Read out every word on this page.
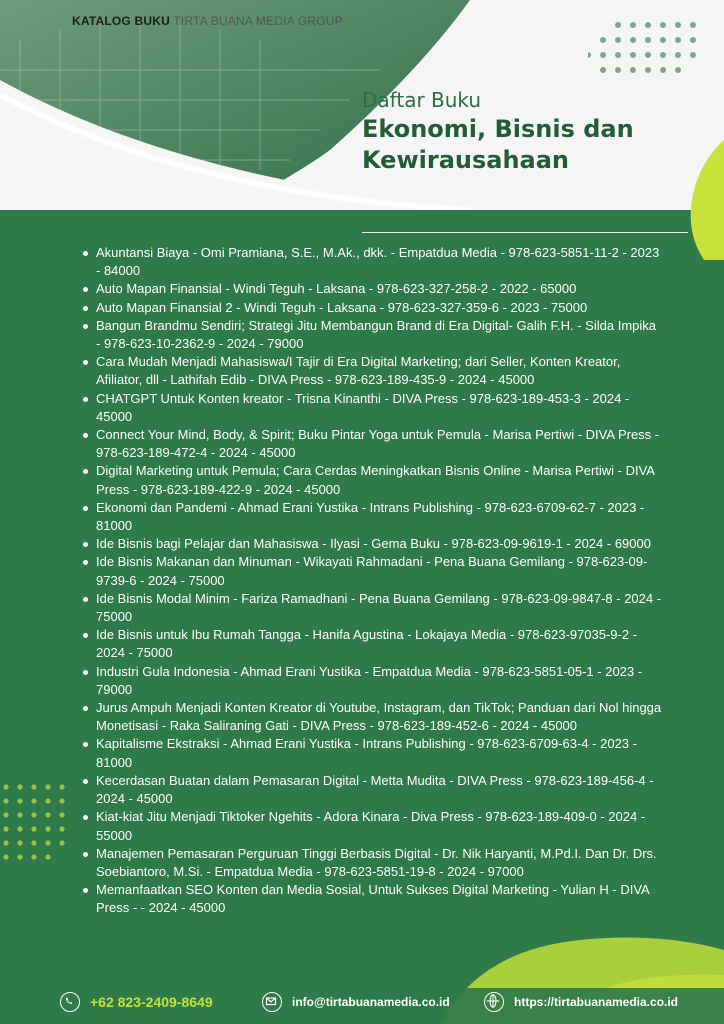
KATALOG BUKU TIRTA BUANA MEDIA GROUP
Daftar Buku
Ekonomi, Bisnis dan Kewirausahaan
Akuntansi Biaya - Omi Pramiana, S.E., M.Ak., dkk. - Empatdua Media - 978-623-5851-11-2 - 2023 - 84000
Auto Mapan Finansial - Windi Teguh - Laksana - 978-623-327-258-2 - 2022 - 65000
Auto Mapan Finansial 2 - Windi Teguh - Laksana - 978-623-327-359-6 - 2023 - 75000
Bangun Brandmu Sendiri; Strategi Jitu Membangun Brand di Era Digital- Galih F.H. - Silda Impika - 978-623-10-2362-9 - 2024 - 79000
Cara Mudah Menjadi Mahasiswa/I Tajir di Era Digital Marketing; dari Seller, Konten Kreator, Afiliator, dll - Lathifah Edib - DIVA Press - 978-623-189-435-9 - 2024 - 45000
CHATGPT Untuk Konten kreator - Trisna Kinanthi - DIVA Press - 978-623-189-453-3 - 2024 - 45000
Connect Your Mind, Body, & Spirit; Buku Pintar Yoga untuk Pemula - Marisa Pertiwi - DIVA Press - 978-623-189-472-4 - 2024 - 45000
Digital Marketing untuk Pemula; Cara Cerdas Meningkatkan Bisnis Online - Marisa Pertiwi - DIVA Press - 978-623-189-422-9 - 2024 - 45000
Ekonomi dan Pandemi - Ahmad Erani Yustika - Intrans Publishing - 978-623-6709-62-7 - 2023 - 81000
Ide Bisnis bagi Pelajar dan Mahasiswa - Ilyasi - Gema Buku - 978-623-09-9619-1 - 2024 - 69000
Ide Bisnis Makanan dan Minuman - Wikayati Rahmadani - Pena Buana Gemilang - 978-623-09-9739-6 - 2024 - 75000
Ide Bisnis Modal Minim - Fariza Ramadhani - Pena Buana Gemilang - 978-623-09-9847-8 - 2024 - 75000
Ide Bisnis untuk Ibu Rumah Tangga - Hanifa Agustina - Lokajaya Media - 978-623-97035-9-2 - 2024 - 75000
Industri Gula Indonesia - Ahmad Erani Yustika - Empatdua Media - 978-623-5851-05-1 - 2023 - 79000
Jurus Ampuh Menjadi Konten Kreator di Youtube, Instagram, dan TikTok; Panduan dari Nol hingga Monetisasi - Raka Saliraning Gati - DIVA Press - 978-623-189-452-6 - 2024 - 45000
Kapitalisme Ekstraksi - Ahmad Erani Yustika - Intrans Publishing - 978-623-6709-63-4 - 2023 - 81000
Kecerdasan Buatan dalam Pemasaran Digital - Metta Mudita - DIVA Press - 978-623-189-456-4 - 2024 - 45000
Kiat-kiat Jitu Menjadi Tiktoker Ngehits - Adora Kinara - Diva Press - 978-623-189-409-0 - 2024 - 55000
Manajemen Pemasaran Perguruan Tinggi Berbasis Digital - Dr. Nik Haryanti, M.Pd.I. Dan Dr. Drs. Soebiantoro, M.Si. - Empatdua Media - 978-623-5851-19-8 - 2024 - 97000
Memanfaatkan SEO Konten dan Media Sosial, Untuk Sukses Digital Marketing - Yulian H - DIVA Press - - 2024 - 45000
+62 823-2409-8649	info@tirtabuanamedia.co.id	https://tirtabuanamedia.co.id
